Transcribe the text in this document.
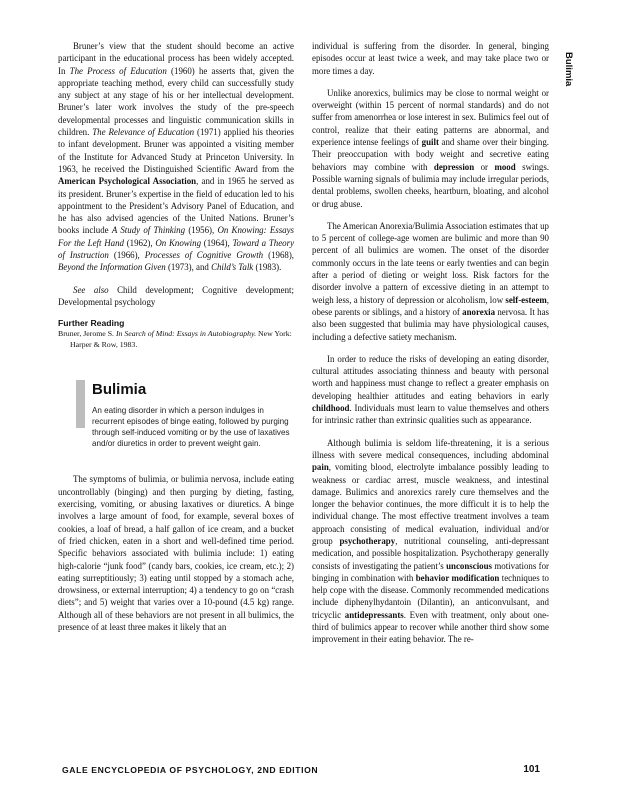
Bruner’s view that the student should become an active participant in the educational process has been widely accepted. In The Process of Education (1960) he asserts that, given the appropriate teaching method, every child can successfully study any subject at any stage of his or her intellectual development. Bruner’s later work involves the study of the pre-speech developmental processes and linguistic communication skills in children. The Relevance of Education (1971) applied his theories to infant development. Bruner was appointed a visiting member of the Institute for Advanced Study at Princeton University. In 1963, he received the Distinguished Scientific Award from the American Psychological Association, and in 1965 he served as its president. Bruner’s expertise in the field of education led to his appointment to the President’s Advisory Panel of Education, and he has also advised agencies of the United Nations. Bruner’s books include A Study of Thinking (1956), On Knowing: Essays For the Left Hand (1962), On Knowing (1964), Toward a Theory of Instruction (1966), Processes of Cognitive Growth (1968), Beyond the Information Given (1973), and Child’s Talk (1983).

See also Child development; Cognitive development; Developmental psychology

Further Reading
Bruner, Jerome S. In Search of Mind: Essays in Autobiography. New York: Harper & Row, 1983.
Bulimia
An eating disorder in which a person indulges in recurrent episodes of binge eating, followed by purging through self-induced vomiting or by the use of laxatives and/or diuretics in order to prevent weight gain.

The symptoms of bulimia, or bulimia nervosa, include eating uncontrollably (binging) and then purging by dieting, fasting, exercising, vomiting, or abusing laxatives or diuretics. A binge involves a large amount of food, for example, several boxes of cookies, a loaf of bread, a half gallon of ice cream, and a bucket of fried chicken, eaten in a short and well-defined time period. Specific behaviors associated with bulimia include: 1) eating high-calorie “junk food” (candy bars, cookies, ice cream, etc.); 2) eating surreptitiously; 3) eating until stopped by a stomach ache, drowsiness, or external interruption; 4) a tendency to go on “crash diets”; and 5) weight that varies over a 10-pound (4.5 kg) range. Although all of these behaviors are not present in all bulimics, the presence of at least three makes it likely that an

individual is suffering from the disorder. In general, binging episodes occur at least twice a week, and may take place two or more times a day.

Unlike anorexics, bulimics may be close to normal weight or overweight (within 15 percent of normal standards) and do not suffer from amenorrhea or lose interest in sex. Bulimics feel out of control, realize that their eating patterns are abnormal, and experience intense feelings of guilt and shame over their binging. Their preoccupation with body weight and secretive eating behaviors may combine with depression or mood swings. Possible warning signals of bulimia may include irregular periods, dental problems, swollen cheeks, heartburn, bloating, and alcohol or drug abuse.

The American Anorexia/Bulimia Association estimates that up to 5 percent of college-age women are bulimic and more than 90 percent of all bulimics are women. The onset of the disorder commonly occurs in the late teens or early twenties and can begin after a period of dieting or weight loss. Risk factors for the disorder involve a pattern of excessive dieting in an attempt to weigh less, a history of depression or alcoholism, low self-esteem, obese parents or siblings, and a history of anorexia nervosa. It has also been suggested that bulimia may have physiological causes, including a defective satiety mechanism.

In order to reduce the risks of developing an eating disorder, cultural attitudes associating thinness and beauty with personal worth and happiness must change to reflect a greater emphasis on developing healthier attitudes and eating behaviors in early childhood. Individuals must learn to value themselves and others for intrinsic rather than extrinsic qualities such as appearance.

Although bulimia is seldom life-threatening, it is a serious illness with severe medical consequences, including abdominal pain, vomiting blood, electrolyte imbalance possibly leading to weakness or cardiac arrest, muscle weakness, and intestinal damage. Bulimics and anorexics rarely cure themselves and the longer the behavior continues, the more difficult it is to help the individual change. The most effective treatment involves a team approach consisting of medical evaluation, individual and/or group psychotherapy, nutritional counseling, anti-depressant medication, and possible hospitalization. Psychotherapy generally consists of investigating the patient’s unconscious motivations for binging in combination with behavior modification techniques to help cope with the disease. Commonly recommended medications include diphenylhydantoin (Dilantin), an anticonvulsant, and tricyclic antidepressants. Even with treatment, only about one-third of bulimics appear to recover while another third show some improvement in their eating behavior. The re-

Bulimia
GALE ENCYCLOPEDIA OF PSYCHOLOGY, 2ND EDITION	101
